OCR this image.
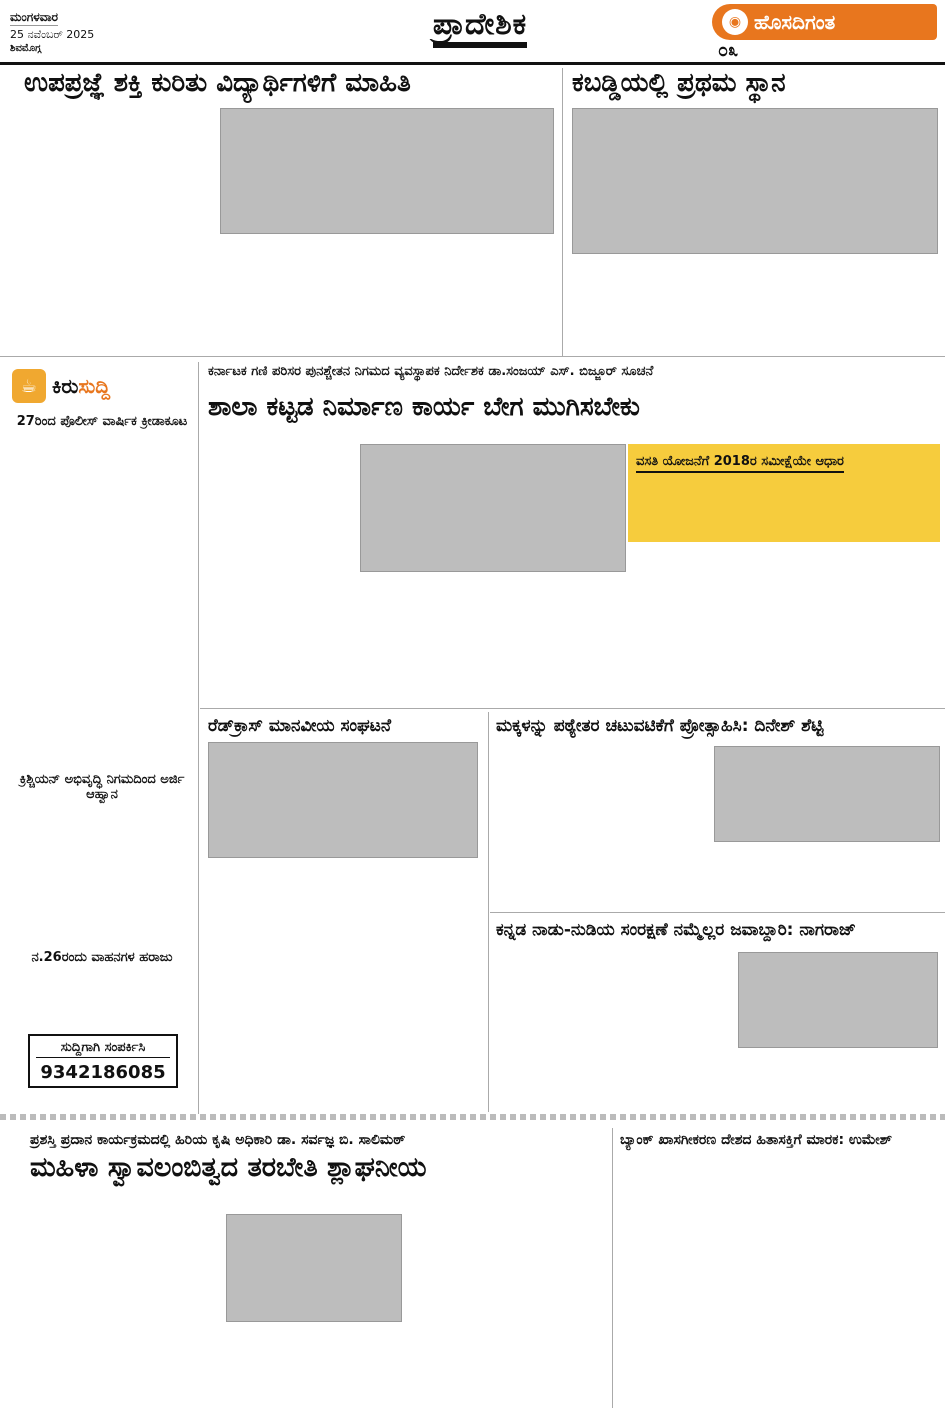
ಮಂಗಳವಾರ
25 ನವೆಂಬರ್ 2025
ಶಿವಮೊಗ್ಗ
ಪ್ರಾದೇಶಿಕ	◉ ಹೊಸದಿಗಂತ
೦೩
ಉಪಪ್ರಜ್ಞೆ ಶಕ್ತಿ ಕುರಿತು ವಿದ್ಯಾರ್ಥಿಗಳಿಗೆ ಮಾಹಿತಿ	ಕಬಡ್ಡಿಯಲ್ಲಿ ಪ್ರಥಮ ಸ್ಥಾನ
☕ ಕಿರುಸುದ್ದಿ
27ರಿಂದ ಪೊಲೀಸ್ ವಾರ್ಷಿಕ ಕ್ರೀಡಾಕೂಟ
ಕ್ರಿಶ್ಚಿಯನ್ ಅಭಿವೃದ್ಧಿ ನಿಗಮದಿಂದ ಅರ್ಜಿ ಆಹ್ವಾನ
ನ.26ರಂದು ವಾಹನಗಳ ಹರಾಜು
ಸುದ್ದಿಗಾಗಿ ಸಂಪರ್ಕಿಸಿ
9342186085
ಕರ್ನಾಟಕ ಗಣಿ ಪರಿಸರ ಪುನಶ್ಚೇತನ ನಿಗಮದ ವ್ಯವಸ್ಥಾಪಕ ನಿರ್ದೇಶಕ ಡಾ.ಸಂಜಯ್ ಎಸ್. ಬಿಜ್ಜೂರ್ ಸೂಚನೆ
ಶಾಲಾ ಕಟ್ಟಡ ನಿರ್ಮಾಣ ಕಾರ್ಯ ಬೇಗ ಮುಗಿಸಬೇಕು
ವಸತಿ ಯೋಜನೆಗೆ 2018ರ ಸಮೀಕ್ಷೆಯೇ ಆಧಾರ
ರೆಡ್‌ಕ್ರಾಸ್ ಮಾನವೀಯ ಸಂಘಟನೆ	ಮಕ್ಕಳನ್ನು ಪಠ್ಯೇತರ ಚಟುವಟಿಕೆಗೆ ಪ್ರೋತ್ಸಾಹಿಸಿ: ದಿನೇಶ್ ಶೆಟ್ಟಿ
ಕನ್ನಡ ನಾಡು-ನುಡಿಯ ಸಂರಕ್ಷಣೆ ನಮ್ಮೆಲ್ಲರ ಜವಾಬ್ದಾರಿ: ನಾಗರಾಜ್
ಪ್ರಶಸ್ತಿ ಪ್ರದಾನ ಕಾರ್ಯಕ್ರಮದಲ್ಲಿ ಹಿರಿಯ ಕೃಷಿ ಅಧಿಕಾರಿ ಡಾ. ಸರ್ವಜ್ಞ ಬಿ. ಸಾಲಿಮಠ್
ಮಹಿಳಾ ಸ್ವಾವಲಂಬಿತ್ವದ ತರಬೇತಿ ಶ್ಲಾಘನೀಯ
ಬ್ಯಾಂಕ್ ಖಾಸಗೀಕರಣ ದೇಶದ ಹಿತಾಸಕ್ತಿಗೆ ಮಾರಕ: ಉಮೇಶ್
